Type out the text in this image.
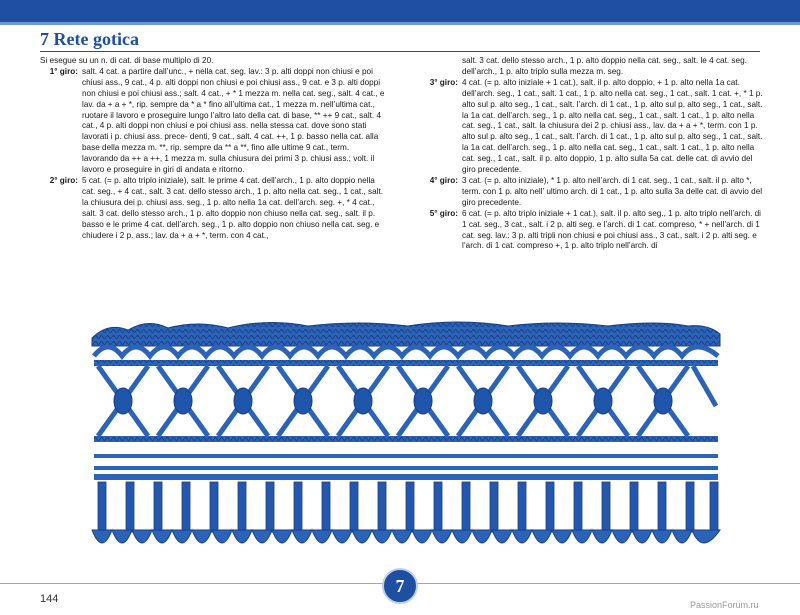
7 Rete gotica

Si esegue su un n. di cat. di base multiplo di 20.

1° giro: salt. 4 cat. a partire dall’unc., + nella cat. seg. lav.: 3 p. alti doppi non chiusi e poi chiusi ass., 9 cat., 4 p. alti doppi non chiusi e poi chiusi ass., 9 cat. e 3 p. alti doppi non chiusi e poi chiusi ass.; salt. 4 cat., + * 1 mezza m. nella cat. seg., salt. 4 cat., e lav. da + a + *, rip. sempre da * a * fino all’ultima cat., 1 mezza m. nell’ultima cat., ruotare il lavoro e proseguire lungo l’altro lato della cat. di base, ** ++ 9 cat., salt. 4 cat., 4 p. alti doppi non chiusi e poi chiusi ass. nella stessa cat. dove sono stati lavorati i p. chiusi ass. prece- denti, 9 cat., salt. 4 cat. ++, 1 p. basso nella cat. alla base della mezza m. **, rip. sempre da ** a **, fino alle ultime 9 cat., term. lavorando da ++ a ++, 1 mezza m. sulla chiusura dei primi 3 p. chiusi ass.; volt. il lavoro e proseguire in giri di andata e ritorno.
2° giro: 5 cat. (= p. alto triplo iniziale), salt. le prime 4 cat. dell’arch., 1 p. alto doppio nella cat. seg., + 4 cat., salt. 3 cat. dello stesso arch., 1 p. alto nella cat. seg., 1 cat., salt. la chiusura dei p. chiusi ass. seg., 1 p. alto nella 1a cat. dell’arch. seg. +, * 4 cat., salt. 3 cat. dello stesso arch., 1 p. alto doppio non chiuso nella cat. seg., salt. il p. basso e le prime 4 cat. dell’arch. seg., 1 p. alto doppio non chiuso nella cat. seg. e chiudere i 2 p. ass.; lav. da + a + *, term. con 4 cat.,

salt. 3 cat. dello stesso arch., 1 p. alto doppio nella cat. seg., salt. le 4 cat. seg. dell’arch., 1 p. alto triplo sulla mezza m. seg.

3° giro: 4 cat. (= p. alto iniziale + 1 cat.), salt. il p. alto doppio, + 1 p. alto nella 1a cat. dell’arch. seg., 1 cat., salt. 1 cat., 1 p. alto nella cat. seg., 1 cat., salt. 1 cat. +, * 1 p. alto sul p. alto seg., 1 cat., salt. l’arch. di 1 cat., 1 p. alto sul p. alto seg., 1 cat., salt. la 1a cat. dell’arch. seg., 1 p. alto nella cat. seg., 1 cat., salt. 1 cat., 1 p. alto nella cat. seg., 1 cat., salt. la chiusura dei 2 p. chiusi ass., lav. da + a + *, term. con 1 p. alto sul p. alto seg., 1 cat., salt. l’arch. di 1 cat., 1 p. alto sul p. alto seg., 1 cat., salt. la 1a cat. dell’arch. seg., 1 p. alto nella cat. seg., 1 cat., salt. 1 cat., 1 p. alto nella cat. seg., 1 cat., salt. il p. alto doppio, 1 p. alto sulla 5a cat. delle cat. di avvio del giro precedente.
4° giro: 3 cat. (= p. alto iniziale), * 1 p. alto nell’arch. di 1 cat. seg., 1 cat., salt. il p. alto *, term. con 1 p. alto nell’ ultimo arch. di 1 cat., 1 p. alto sulla 3a delle cat. di avvio del giro precedente.
5° giro: 6 cat. (= p. alto triplo iniziale + 1 cat.), salt. il p. alto seg., 1 p. alto triplo nell’arch. di 1 cat. seg., 3 cat., salt. i 2 p. alti seg. e l’arch. di 1 cat. compreso, * + nell’arch. di 1 cat. seg. lav.: 3 p. alti tripli non chiusi e poi chiusi ass., 3 cat., salt. i 2 p. alti seg. e l’arch. di 1 cat. compreso +, 1 p. alto triplo nell’arch. di
144
7
PassionForum.ru
